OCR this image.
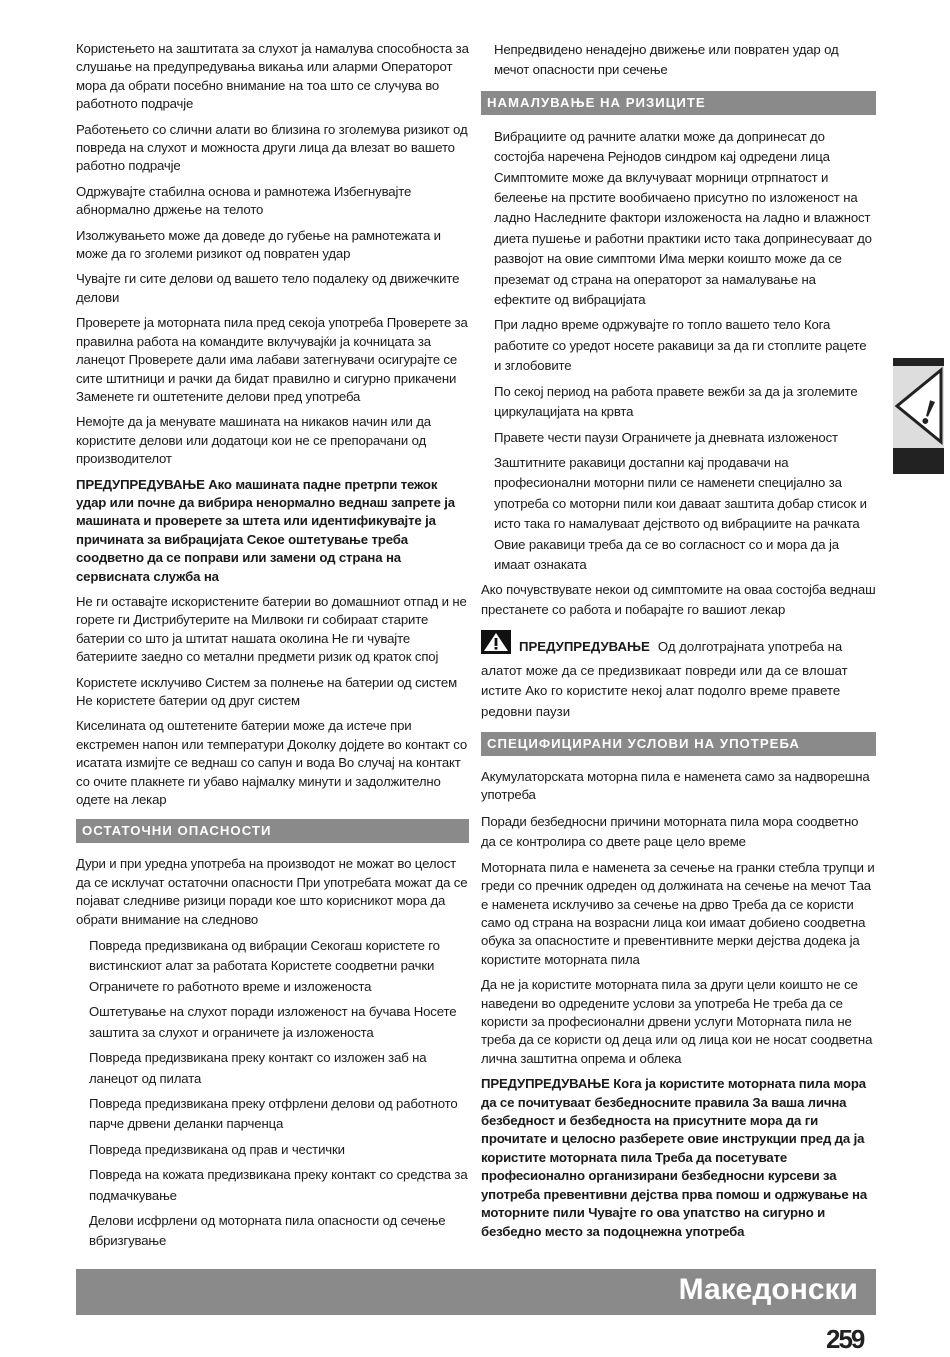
Користењето на заштитата за слухот ја намалува способноста за слушање на предупредувања викања или аларми Операторот мора да обрати посебно внимание на тоа што се случува во работното подрачје

Работењето со слични алати во близина го зголемува ризикот од повреда на слухот и можноста други лица да влезат во вашето работно подрачје

Одржувајте стабилна основа и рамнотежа Избегнувајте абнормално држење на телото

Изолжувањето може да доведе до губење на рамнотежата и може да го зголеми ризикот од повратен удар

Чувајте ги сите делови од вашето тело подалеку од движечките делови

Проверете ја моторната пила пред секоја употреба Проверете за правилна работа на командите вклучувајќи ја кочницата за ланецот Проверете дали има лабави затегнувачи осигурајте се сите штитници и рачки да бидат правилно и сигурно прикачени Заменете ги оштетените делови пред употреба

Немојте да ја менувате машината на никаков начин или да користите делови или додатоци кои не се препорачани од производителот

ПРЕДУПРЕДУВАЊЕ Ако машината падне претрпи тежок удар или почне да вибрира ненормално веднаш запрете ја машината и проверете за штета или идентификувајте ја причината за вибрацијата Секое оштетување треба соодветно да се поправи или замени од страна на сервисната служба на

Не ги оставајте искористените батерии во домашниот отпад и не горете ги Дистрибутерите на Милвоки ги собираат старите батерии со што ја штитат нашата околина Не ги чувајте батериите заедно со метални предмети ризик од краток спој

Користете исклучиво Систем за полнење на батерии од систем Не користете батерии од друг систем

Киселината од оштетените батерии може да истече при екстремен напон или температури Доколку дојдете во контакт со исатата измијте се веднаш со сапун и вода Во случај на контакт со очите плакнете ги убаво најмалку минути и задолжително одете на лекар

ОСТАТОЧНИ ОПАСНОСТИ

Дури и при уредна употреба на производот не можат во целост да се исклучат остаточни опасности При употребата можат да се појават следниве ризици поради кое што корисникот мора да обрати внимание на следново

Повреда предизвикана од вибрации Секогаш користете го вистинскиот алат за работата Користете соодветни рачки Ограничете го работното време и изложеноста

Оштетување на слухот поради изложеност на бучава Носете заштита за слухот и ограничете ја изложеноста

Повреда предизвикана преку контакт со изложен заб на ланецот од пилата

Повреда предизвикана преку отфрлени делови од работното парче дрвени деланки парченца

Повреда предизвикана од прав и честички

Повреда на кожата предизвикана преку контакт со средства за подмачкување

Делови исфрлени од моторната пила опасности од сечење вбризгување

Непредвидено ненадејно движење или повратен удар од мечот опасности при сечење

НАМАЛУВАЊЕ НА РИЗИЦИТЕ

Вибрациите од рачните алатки може да допринесат до состојба наречена Рејнодов синдром кај одредени лица Симптомите може да вклучуваат морници отрпнатост и белеење на прстите вообичаено присутно по изложеност на ладно Наследните фактори изложеноста на ладно и влажност диета пушење и работни практики исто така допринесуваат до развојот на овие симптоми Има мерки коишто може да се преземат од страна на операторот за намалување на ефектите од вибрацијата

При ладно време одржувајте го топло вашето тело Кога работите со уредот носете ракавици за да ги стоплите рацете и зглобовите

По секој период на работа правете вежби за да ја зголемите циркулацијата на крвта

Правете чести паузи Ограничете ја дневната изложеност

Заштитните ракавици достапни кај продавачи на професионални моторни пили се наменети специјално за употреба со моторни пили кои даваат заштита добар стисок и исто така го намалуваат дејството од вибрациите на рачката Овие ракавици треба да се во согласност со и мора да ја имаат ознаката

Ако почувствувате некои од симптомите на оваа состојба веднаш престанете со работа и побарајте го вашиот лекар

ПРЕДУПРЕДУВАЊЕ Од долготрајната употреба на алатот може да се предизвикаат повреди или да се влошат истите Ако го користите некој алат подолго време правете редовни паузи
СПЕЦИФИЦИРАНИ УСЛОВИ НА УПОТРЕБА

Акумулаторската моторна пила е наменета само за надворешна употреба

Поради безбедносни причини моторната пила мора соодветно да се контролира со двете раце цело време

Моторната пила е наменета за сечење на гранки стебла трупци и греди со пречник одреден од должината на сечење на мечот Таа е наменета исклучиво за сечење на дрво Треба да се користи само од страна на возрасни лица кои имаат добиено соодветна обука за опасностите и превентивните мерки дејства додека ја користите моторната пила

Да не ја користите моторната пила за други цели коишто не се наведени во одредените услови за употреба Не треба да се користи за професионални дрвени услуги Моторната пила не треба да се користи од деца или од лица кои не носат соодветна лична заштитна опрема и облека

ПРЕДУПРЕДУВАЊЕ Кога ја користите моторната пила мора да се почитуваат безбедносните правила За ваша лична безбедност и безбедноста на присутните мора да ги прочитате и целосно разберете овие инструкции пред да ја користите моторната пила Треба да посетувате професионално организирани безбедносни курсеви за употреба превентивни дејства прва помош и одржување на моторните пили Чувајте го ова упатство на сигурно и безбедно место за подоцнежна употреба

!
Македонски
259
